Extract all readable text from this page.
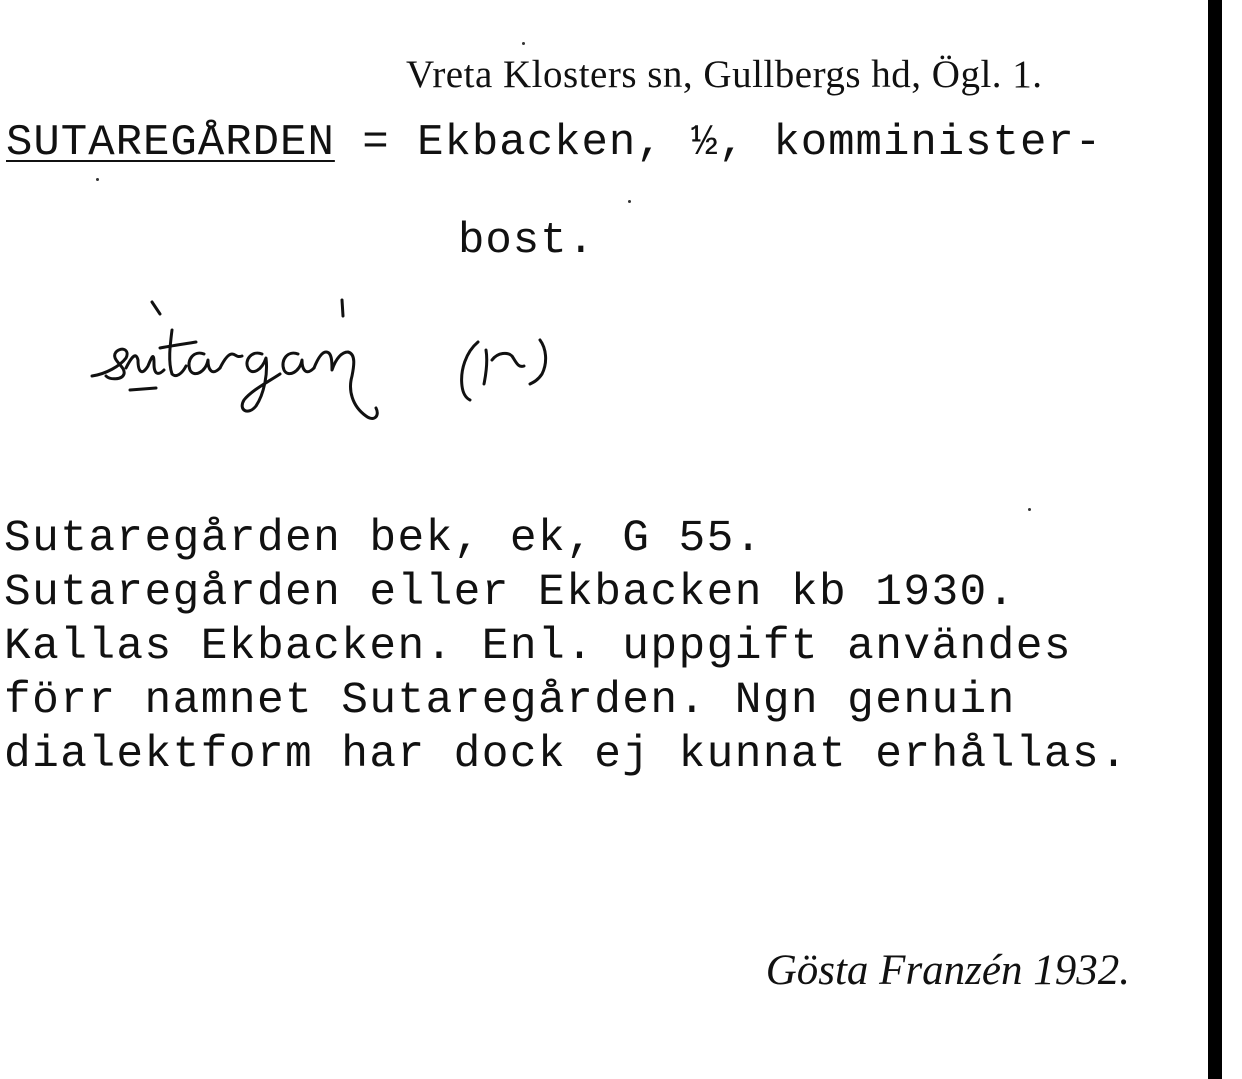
Vreta Klosters sn, Gullbergs hd, Ögl. 1.
SUTAREGÅRDEN = Ekbacken, ½, komminister-
bost.
Sutaregården bek, ek, G 55.
Sutaregården eller Ekbacken kb 1930.
Kallas Ekbacken. Enl. uppgift användes
förr namnet Sutaregården. Ngn genuin
dialektform har dock ej kunnat erhållas.
Gösta Franzén 1932.
